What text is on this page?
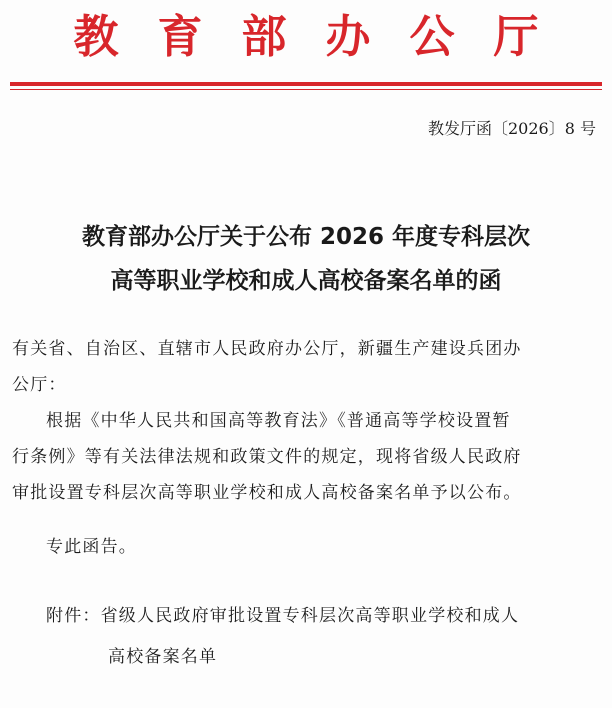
教育部办公厅
教发厅函〔2026〕8 号
教育部办公厅关于公布 2026 年度专科层次
高等职业学校和成人高校备案名单的函
有关省、自治区、直辖市人民政府办公厅，新疆生产建设兵团办
公厅：
根据《中华人民共和国高等教育法》《普通高等学校设置暂
行条例》等有关法律法规和政策文件的规定，现将省级人民政府
审批设置专科层次高等职业学校和成人高校备案名单予以公布。
专此函告。
附件：省级人民政府审批设置专科层次高等职业学校和成人
高校备案名单
